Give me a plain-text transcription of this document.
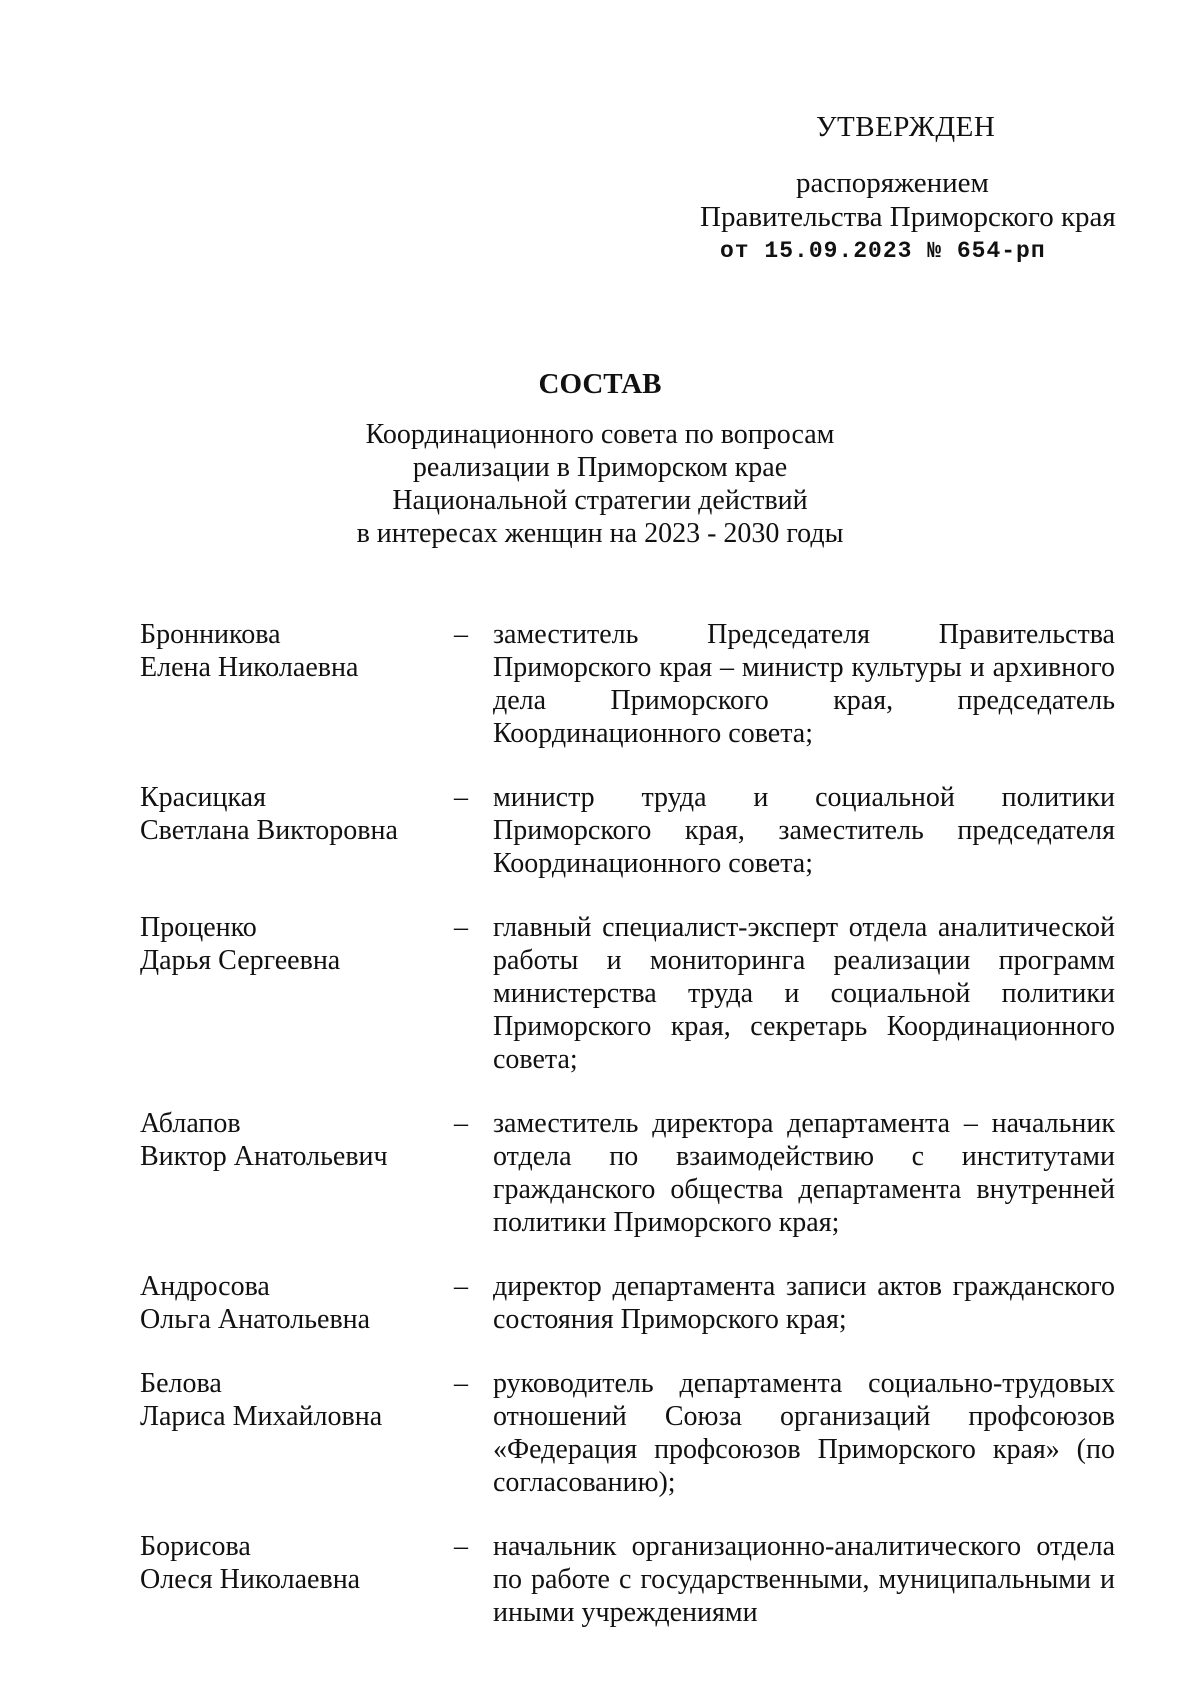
УТВЕРЖДЕН
распоряжением
Правительства Приморского края
от 15.09.2023 № 654-рп
СОСТАВ
Координационного совета по вопросам
реализации в Приморском крае
Национальной стратегии действий
в интересах женщин на 2023 - 2030 годы
Бронникова
Елена Николаевна
– заместитель Председателя Правительства Приморского края – министр культуры и архивного дела Приморского края, председатель Координационного совета;
Красицкая
Светлана Викторовна
– министр труда и социальной политики Приморского края, заместитель председателя Координационного совета;
Проценко
Дарья Сергеевна
– главный специалист-эксперт отдела аналитической работы и мониторинга реализации программ министерства труда и социальной политики Приморского края, секретарь Координационного совета;
Аблапов
Виктор Анатольевич
– заместитель директора департамента – начальник отдела по взаимодействию с институтами гражданского общества департамента внутренней политики Приморского края;
Андросова
Ольга Анатольевна
– директор департамента записи актов гражданского состояния Приморского края;
Белова
Лариса Михайловна
– руководитель департамента социально-трудовых отношений Союза организаций профсоюзов «Федерация профсоюзов Приморского края» (по согласованию);
Борисова
Олеся Николаевна
– начальник организационно-аналитического отдела по работе с государственными, муниципальными и иными учреждениями
